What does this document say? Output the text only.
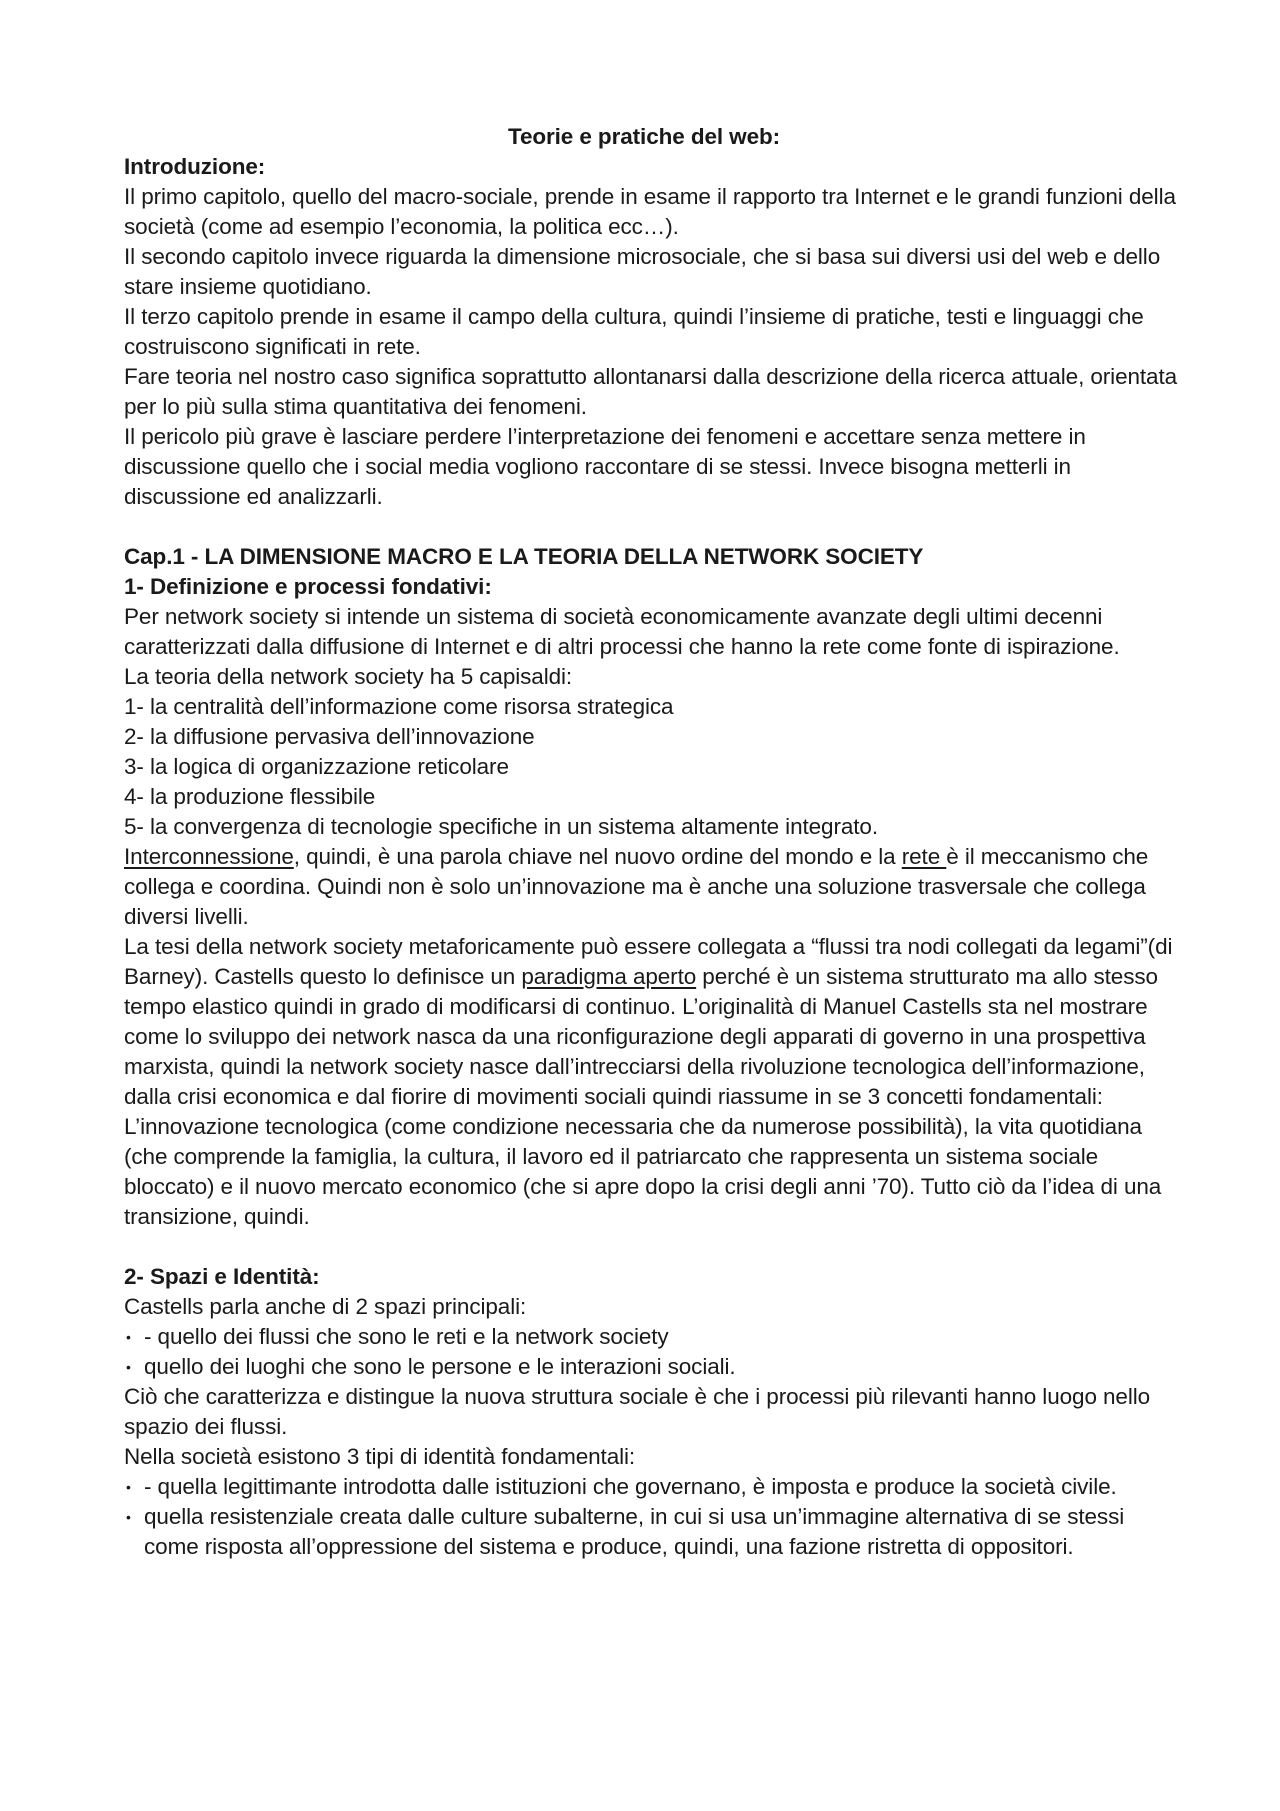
Teorie e pratiche del web:

Introduzione:

Il primo capitolo, quello del macro-sociale, prende in esame il rapporto tra Internet e le grandi funzioni della società (come ad esempio l’economia, la politica ecc…).

Il secondo capitolo invece riguarda la dimensione microsociale, che si basa sui diversi usi del web e dello stare insieme quotidiano.

Il terzo capitolo prende in esame il campo della cultura, quindi l’insieme di pratiche, testi e linguaggi che costruiscono significati in rete.

Fare teoria nel nostro caso significa soprattutto allontanarsi dalla descrizione della ricerca attuale, orientata per lo più sulla stima quantitativa dei fenomeni.

Il pericolo più grave è lasciare perdere l’interpretazione dei fenomeni e accettare senza mettere in discussione quello che i social media vogliono raccontare di se stessi. Invece bisogna metterli in discussione ed analizzarli.

Cap.1 - LA DIMENSIONE MACRO E LA TEORIA DELLA NETWORK SOCIETY

1- Definizione e processi fondativi:

Per network society si intende un sistema di società economicamente avanzate degli ultimi decenni caratterizzati dalla diffusione di Internet e di altri processi che hanno la rete come fonte di ispirazione.

La teoria della network society ha 5 capisaldi:

1- la centralità dell’informazione come risorsa strategica

2- la diffusione pervasiva dell’innovazione

3- la logica di organizzazione reticolare

4- la produzione flessibile

5- la convergenza di tecnologie specifiche in un sistema altamente integrato.

Interconnessione, quindi, è una parola chiave nel nuovo ordine del mondo e la rete è il meccanismo che collega e coordina. Quindi non è solo un’innovazione ma è anche una soluzione trasversale che collega diversi livelli.

La tesi della network society metaforicamente può essere collegata a “flussi tra nodi collegati da legami”(di Barney). Castells questo lo definisce un paradigma aperto perché è un sistema strutturato ma allo stesso tempo elastico quindi in grado di modificarsi di continuo. L’originalità di Manuel Castells sta nel mostrare come lo sviluppo dei network nasca da una riconfigurazione degli apparati di governo in una prospettiva marxista, quindi la network society nasce dall’intrecciarsi della rivoluzione tecnologica dell’informazione, dalla crisi economica e dal fiorire di movimenti sociali quindi riassume in se 3 concetti fondamentali: L’innovazione tecnologica (come condizione necessaria che da numerose possibilità), la vita quotidiana (che comprende la famiglia, la cultura, il lavoro ed il patriarcato che rappresenta un sistema sociale bloccato) e il nuovo mercato economico (che si apre dopo la crisi degli anni ’70). Tutto ciò da l’idea di una transizione, quindi.

2- Spazi e Identità:

Castells parla anche di 2 spazi principali:

• - quello dei flussi che sono le reti e la network society
• quello dei luoghi che sono le persone e le interazioni sociali.

Ciò che caratterizza e distingue la nuova struttura sociale è che i processi più rilevanti hanno luogo nello spazio dei flussi.

Nella società esistono 3 tipi di identità fondamentali:

• - quella legittimante introdotta dalle istituzioni che governano, è imposta e produce la società civile.
• quella resistenziale creata dalle culture subalterne, in cui si usa un’immagine alternativa di se stessi come risposta all’oppressione del sistema e produce, quindi, una fazione ristretta di oppositori.
